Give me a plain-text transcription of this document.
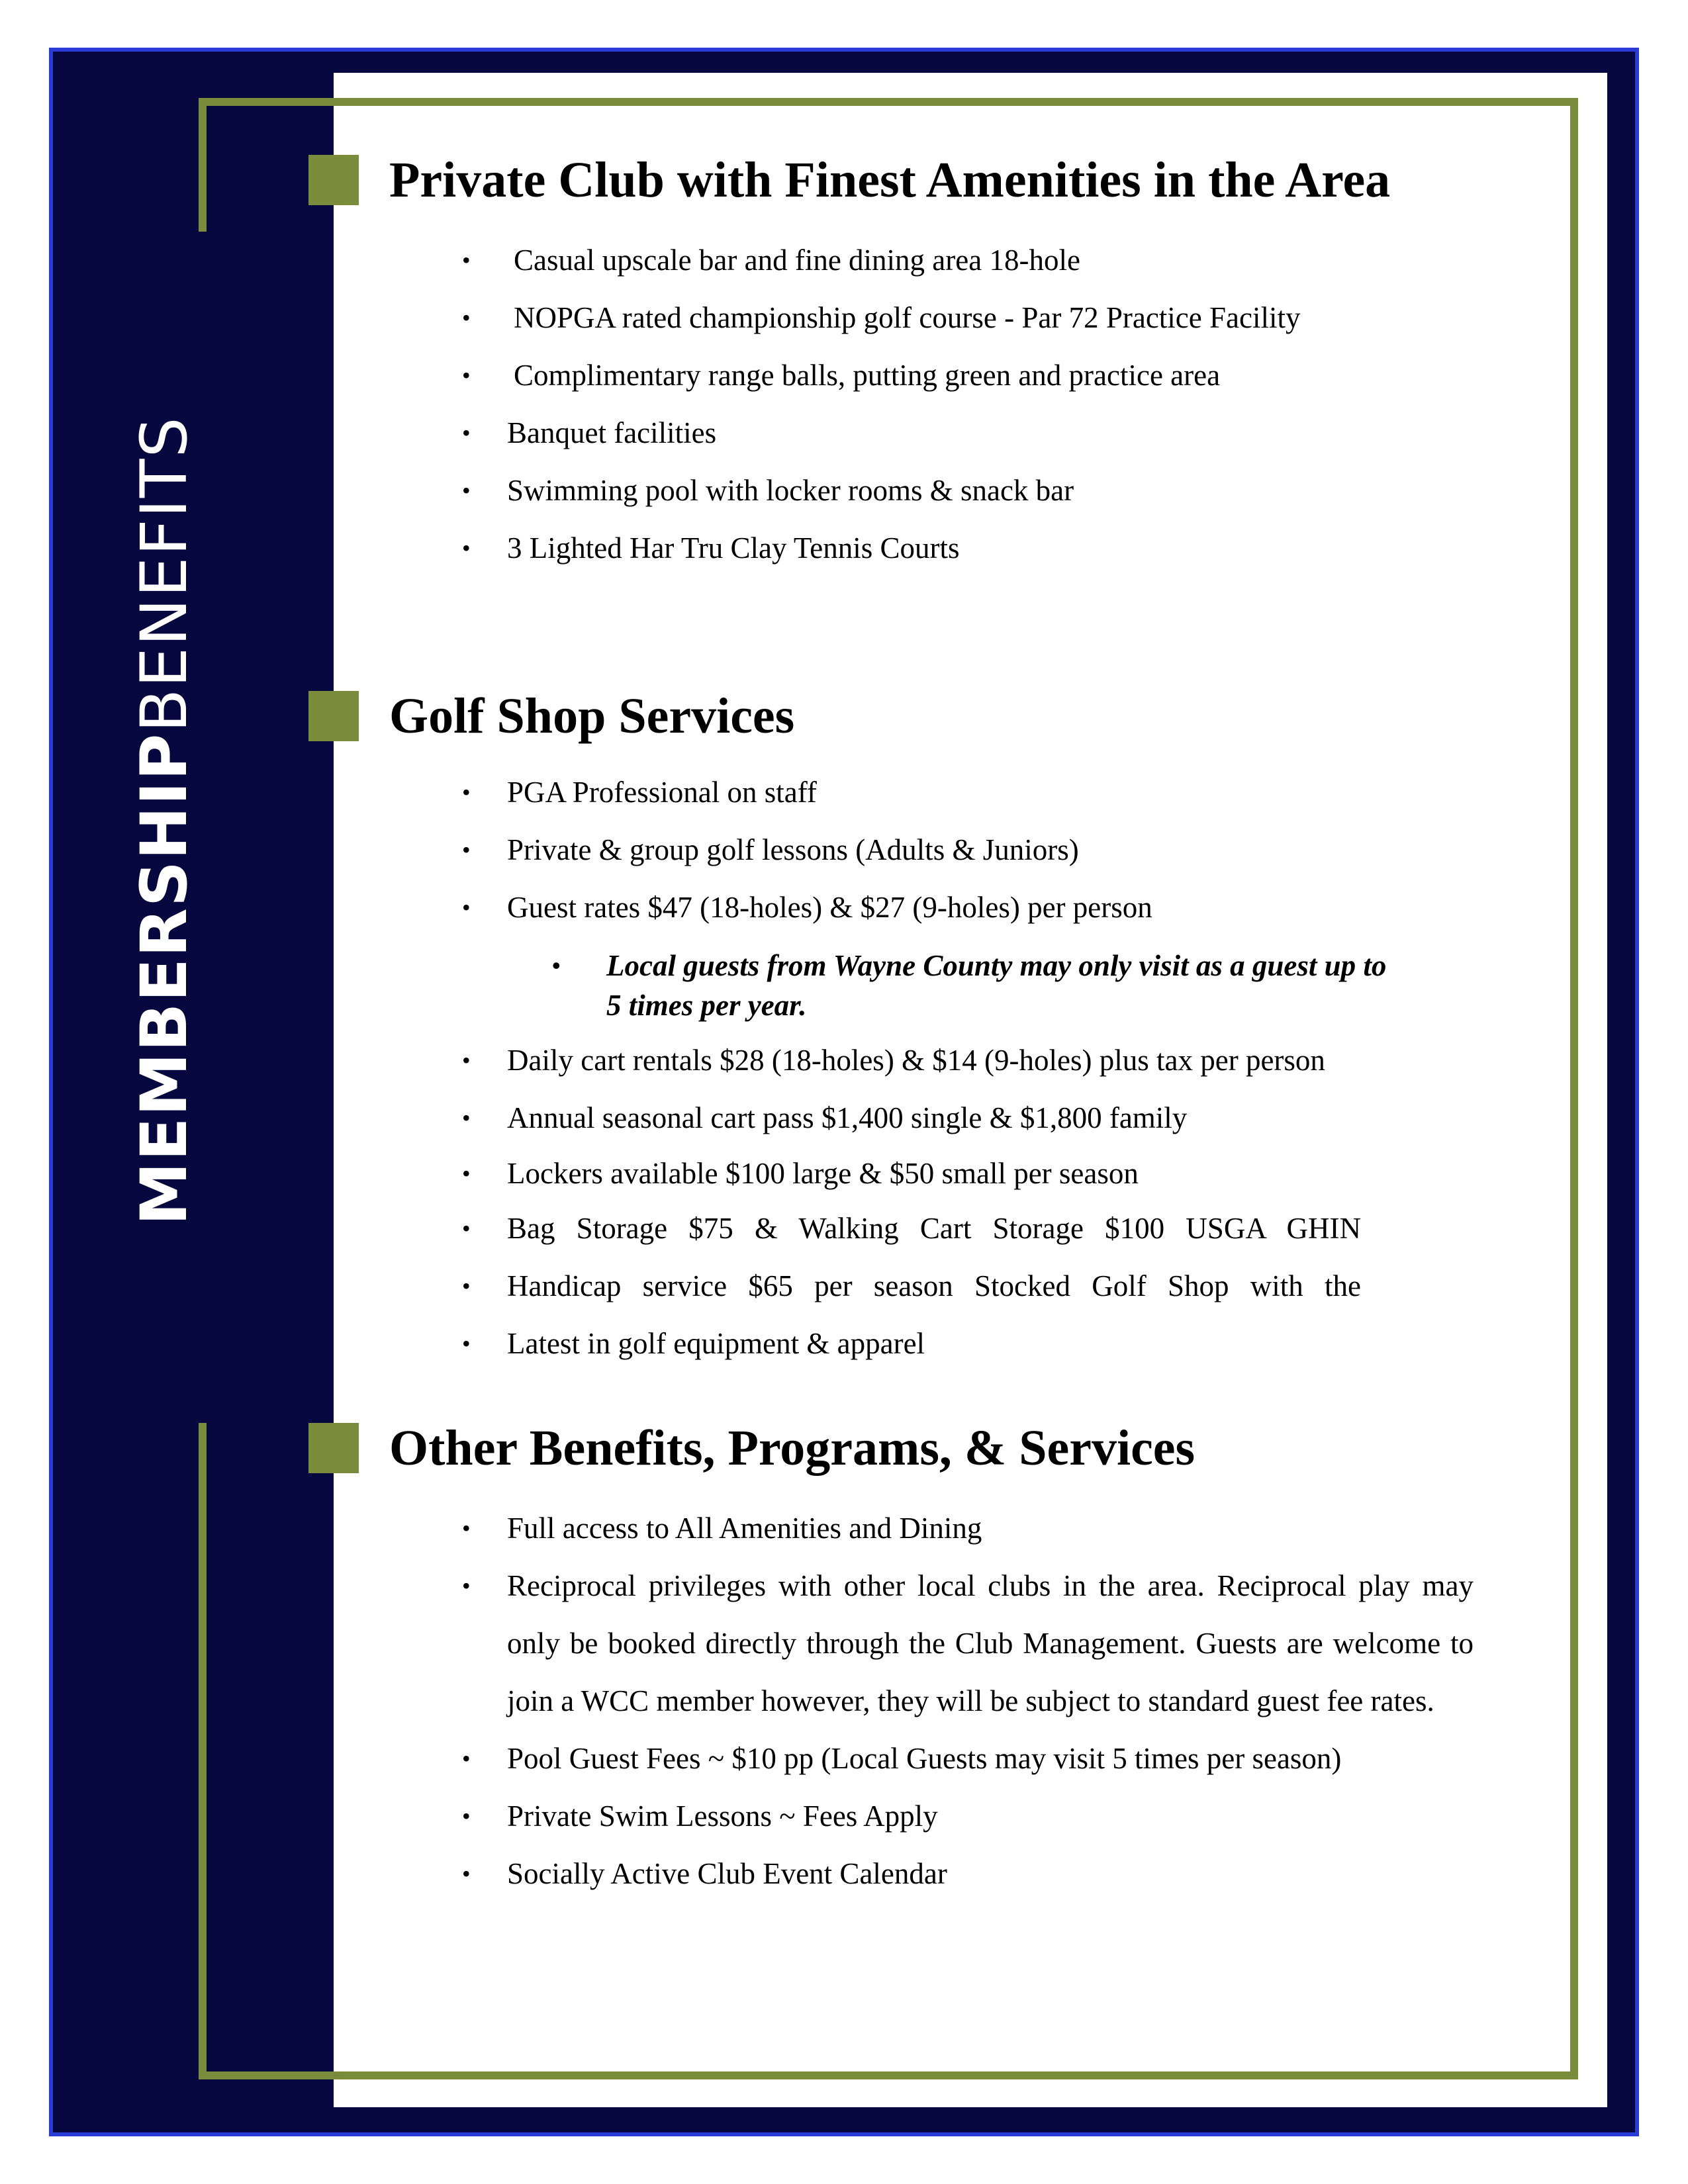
MEMBERSHIPBENEFITS
Private Club with Finest Amenities in the Area
• Casual upscale bar and fine dining area 18-hole
• NOPGA rated championship golf course - Par 72 Practice Facility
• Complimentary range balls, putting green and practice area
• Banquet facilities
• Swimming pool with locker rooms & snack bar
• 3 Lighted Har Tru Clay Tennis Courts
Golf Shop Services
• PGA Professional on staff
• Private & group golf lessons (Adults & Juniors)
• Guest rates $47 (18-holes) & $27 (9-holes) per person
• Local guests from Wayne County may only visit as a guest up to 5 times per year.
• Daily cart rentals $28 (18-holes) & $14 (9-holes) plus tax per person
• Annual seasonal cart pass $1,400 single & $1,800 family
• Lockers available $100 large & $50 small per season
• Bag Storage $75 & Walking Cart Storage $100 USGA GHIN
• Handicap service $65 per season Stocked Golf Shop with the
• Latest in golf equipment & apparel
Other Benefits, Programs, & Services
• Full access to All Amenities and Dining
• Reciprocal privileges with other local clubs in the area. Reciprocal play may only be booked directly through the Club Management. Guests are welcome to join a WCC member however, they will be subject to standard guest fee rates.
• Pool Guest Fees ~ $10 pp (Local Guests may visit 5 times per season)
• Private Swim Lessons ~ Fees Apply
• Socially Active Club Event Calendar
